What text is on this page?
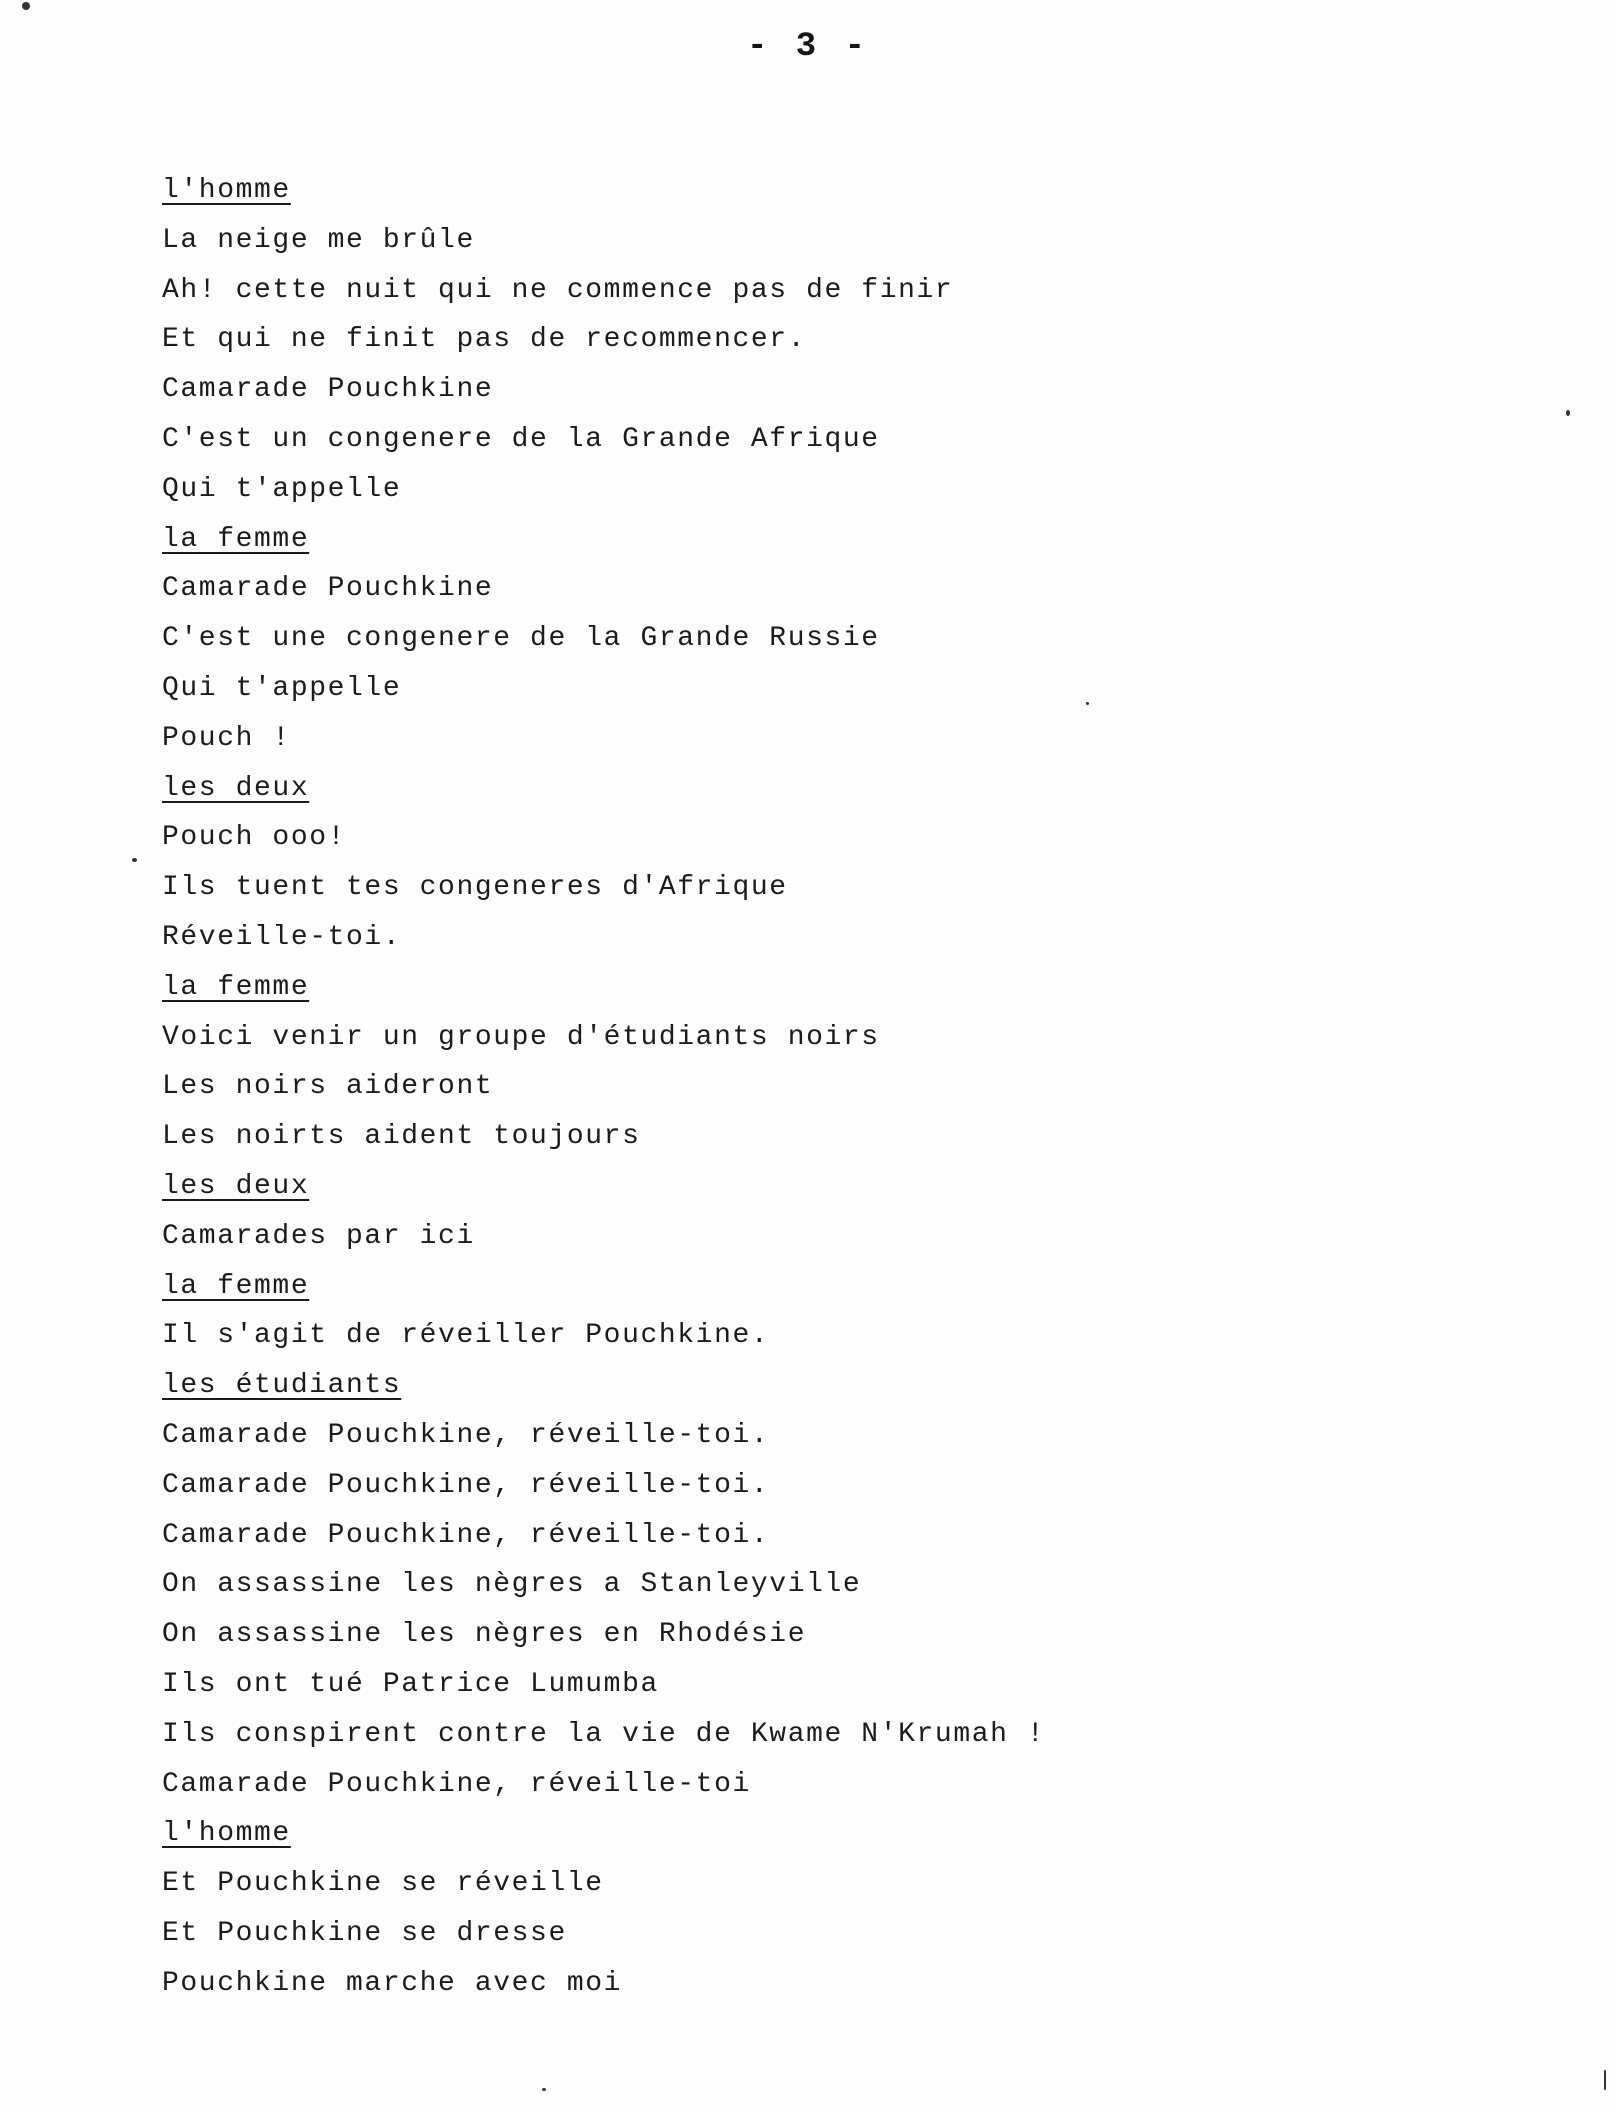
- 3 -
l'homme
La neige me brûle
Ah! cette nuit qui ne commence pas de finir
Et qui ne finit pas de recommencer.
Camarade Pouchkine
C'est un congenere de la Grande Afrique
Qui t'appelle
la femme
Camarade Pouchkine
C'est une congenere de la Grande Russie
Qui t'appelle
Pouch !
les deux
Pouch ooo!
Ils tuent tes congeneres d'Afrique
Réveille-toi.
la femme
Voici venir un groupe d'étudiants noirs
Les noirs aideront
Les noirts aident toujours
les deux
Camarades par ici
la femme
Il s'agit de réveiller Pouchkine.
les étudiants
Camarade Pouchkine, réveille-toi.
Camarade Pouchkine, réveille-toi.
Camarade Pouchkine, réveille-toi.
On assassine les nègres a Stanleyville
On assassine les nègres en Rhodésie
Ils ont tué Patrice Lumumba
Ils conspirent contre la vie de Kwame N'Krumah !
Camarade Pouchkine, réveille-toi
l'homme
Et Pouchkine se réveille
Et Pouchkine se dresse
Pouchkine marche avec moi
